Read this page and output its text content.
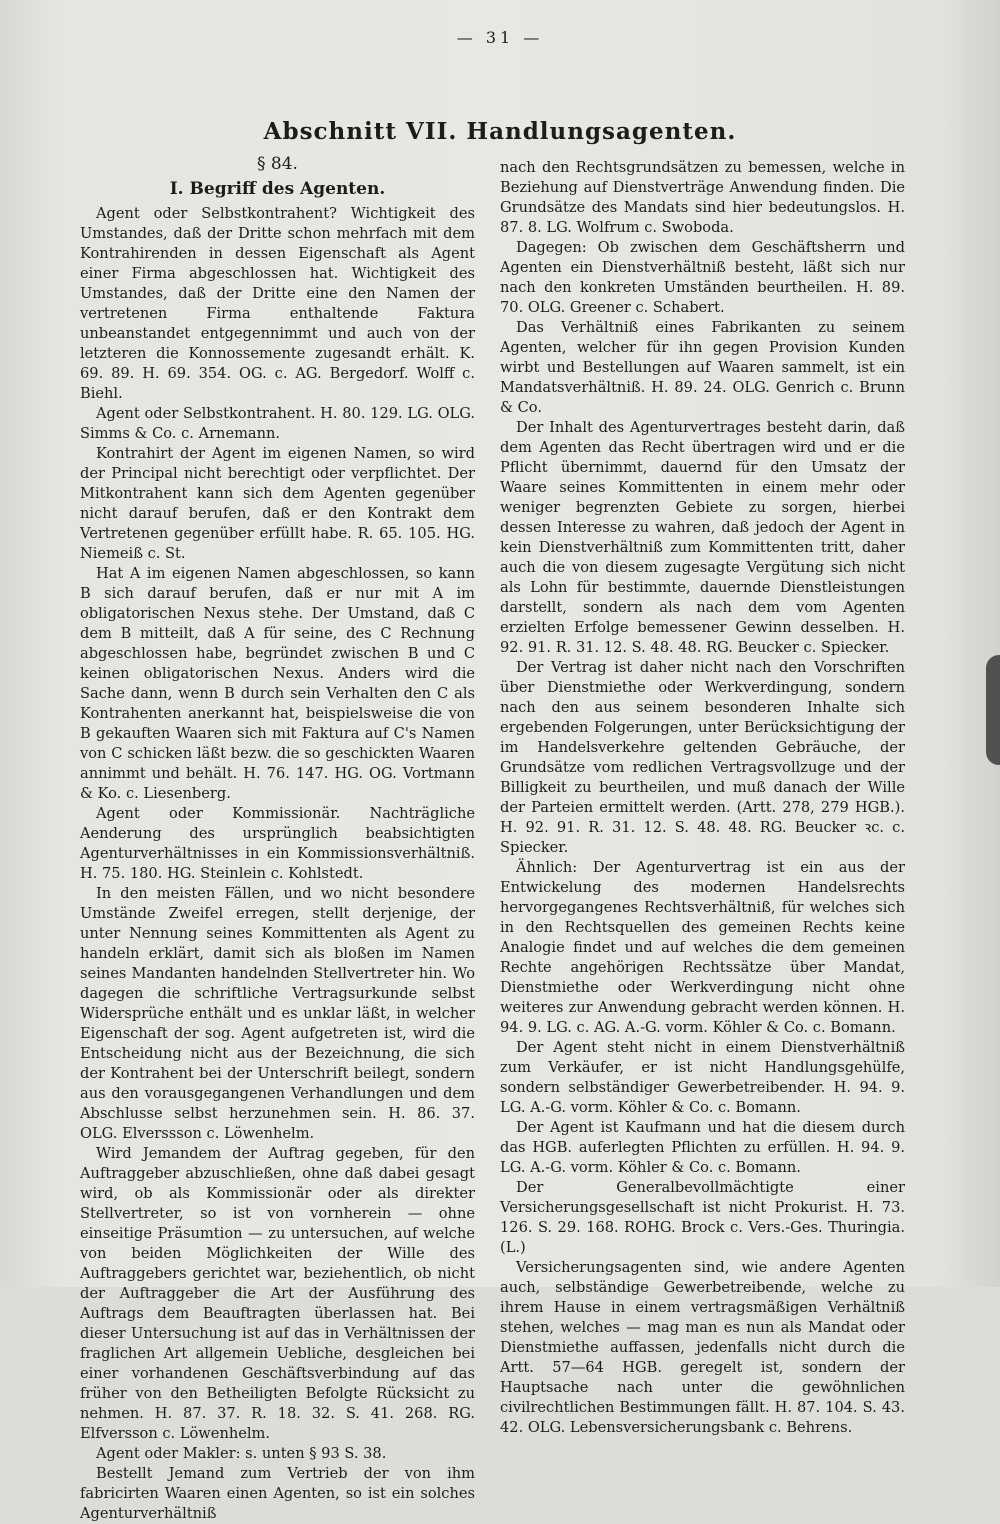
— 31 —
Abschnitt VII. Handlungsagenten.
§ 84.
I. Begriff des Agenten.

Agent oder Selbstkontrahent? Wichtigkeit des Umstandes, daß der Dritte schon mehrfach mit dem Kontrahirenden in dessen Eigenschaft als Agent einer Firma abgeschlossen hat. Wichtigkeit des Umstandes, daß der Dritte eine den Namen der vertretenen Firma enthaltende Faktura unbeanstandet entgegennimmt und auch von der letzteren die Konnossemente zugesandt erhält. K. 69. 89. H. 69. 354. OG. c. AG. Bergedorf. Wolff c. Biehl.

Agent oder Selbstkontrahent. H. 80. 129. LG. OLG. Simms & Co. c. Arnemann.

Kontrahirt der Agent im eigenen Namen, so wird der Principal nicht berechtigt oder verpflichtet. Der Mitkontrahent kann sich dem Agenten gegenüber nicht darauf berufen, daß er den Kontrakt dem Vertretenen gegenüber erfüllt habe. R. 65. 105. HG. Niemeiß c. St.

Hat A im eigenen Namen abgeschlossen, so kann B sich darauf berufen, daß er nur mit A im obligatorischen Nexus stehe. Der Umstand, daß C dem B mitteilt, daß A für seine, des C Rechnung abgeschlossen habe, begründet zwischen B und C keinen obligatorischen Nexus. Anders wird die Sache dann, wenn B durch sein Verhalten den C als Kontrahenten anerkannt hat, beispielsweise die von B gekauften Waaren sich mit Faktura auf C's Namen von C schicken läßt bezw. die so geschickten Waaren annimmt und behält. H. 76. 147. HG. OG. Vortmann & Ko. c. Liesenberg.

Agent oder Kommissionär. Nachträgliche Aenderung des ursprünglich beabsichtigten Agenturverhältnisses in ein Kommissionsverhältniß. H. 75. 180. HG. Steinlein c. Kohlstedt.

In den meisten Fällen, und wo nicht besondere Umstände Zweifel erregen, stellt derjenige, der unter Nennung seines Kommittenten als Agent zu handeln erklärt, damit sich als bloßen im Namen seines Mandanten handelnden Stellvertreter hin. Wo dagegen die schriftliche Vertragsurkunde selbst Widersprüche enthält und es unklar läßt, in welcher Eigenschaft der sog. Agent aufgetreten ist, wird die Entscheidung nicht aus der Bezeichnung, die sich der Kontrahent bei der Unterschrift beilegt, sondern aus den vorausgegangenen Verhandlungen und dem Abschlusse selbst herzunehmen sein. H. 86. 37. OLG. Elverssson c. Löwenhelm.

Wird Jemandem der Auftrag gegeben, für den Auftraggeber abzuschließen, ohne daß dabei gesagt wird, ob als Kommissionär oder als direkter Stellvertreter, so ist von vornherein — ohne einseitige Präsumtion — zu untersuchen, auf welche von beiden Möglichkeiten der Wille des Auftraggebers gerichtet war, beziehentlich, ob nicht der Auftraggeber die Art der Ausführung des Auftrags dem Beauftragten überlassen hat. Bei dieser Untersuchung ist auf das in Verhältnissen der fraglichen Art allgemein Uebliche, desgleichen bei einer vorhandenen Geschäftsverbindung auf das früher von den Betheiligten Befolgte Rücksicht zu nehmen. H. 87. 37. R. 18. 32. S. 41. 268. RG. Elfversson c. Löwenhelm.

Agent oder Makler: s. unten § 93 S. 38.

Bestellt Jemand zum Vertrieb der von ihm fabricirten Waaren einen Agenten, so ist ein solches Agenturverhältniß

nach den Rechtsgrundsätzen zu bemessen, welche in Beziehung auf Dienstverträge Anwendung finden. Die Grundsätze des Mandats sind hier bedeutungslos. H. 87. 8. LG. Wolfrum c. Swoboda.

Dagegen: Ob zwischen dem Geschäftsherrn und Agenten ein Dienstverhältniß besteht, läßt sich nur nach den konkreten Umständen beurtheilen. H. 89. 70. OLG. Greener c. Schabert.

Das Verhältniß eines Fabrikanten zu seinem Agenten, welcher für ihn gegen Provision Kunden wirbt und Bestellungen auf Waaren sammelt, ist ein Mandatsverhältniß. H. 89. 24. OLG. Genrich c. Brunn & Co.

Der Inhalt des Agenturvertrages besteht darin, daß dem Agenten das Recht übertragen wird und er die Pflicht übernimmt, dauernd für den Umsatz der Waare seines Kommittenten in einem mehr oder weniger begrenzten Gebiete zu sorgen, hierbei dessen Interesse zu wahren, daß jedoch der Agent in kein Dienstverhältniß zum Kommittenten tritt, daher auch die von diesem zugesagte Vergütung sich nicht als Lohn für bestimmte, dauernde Dienstleistungen darstellt, sondern als nach dem vom Agenten erzielten Erfolge bemessener Gewinn desselben. H. 92. 91. R. 31. 12. S. 48. 48. RG. Beucker c. Spiecker.

Der Vertrag ist daher nicht nach den Vorschriften über Dienstmiethe oder Werkverdingung, sondern nach den aus seinem besonderen Inhalte sich ergebenden Folgerungen, unter Berücksichtigung der im Handelsverkehre geltenden Gebräuche, der Grundsätze vom redlichen Vertragsvollzuge und der Billigkeit zu beurtheilen, und muß danach der Wille der Parteien ermittelt werden. (Artt. 278, 279 HGB.). H. 92. 91. R. 31. 12. S. 48. 48. RG. Beucker ꝛc. c. Spiecker.

Ähnlich: Der Agenturvertrag ist ein aus der Entwickelung des modernen Handelsrechts hervorgegangenes Rechtsverhältniß, für welches sich in den Rechtsquellen des gemeinen Rechts keine Analogie findet und auf welches die dem gemeinen Rechte angehörigen Rechtssätze über Mandat, Dienstmiethe oder Werkverdingung nicht ohne weiteres zur Anwendung gebracht werden können. H. 94. 9. LG. c. AG. A.-G. vorm. Köhler & Co. c. Bomann.

Der Agent steht nicht in einem Dienstverhältniß zum Verkäufer, er ist nicht Handlungsgehülfe, sondern selbständiger Gewerbetreibender. H. 94. 9. LG. A.-G. vorm. Köhler & Co. c. Bomann.

Der Agent ist Kaufmann und hat die diesem durch das HGB. auferlegten Pflichten zu erfüllen. H. 94. 9. LG. A.-G. vorm. Köhler & Co. c. Bomann.

Der Generalbevollmächtigte einer Versicherungsgesellschaft ist nicht Prokurist. H. 73. 126. S. 29. 168. ROHG. Brock c. Vers.-Ges. Thuringia. (L.)

Versicherungsagenten sind, wie andere Agenten auch, selbständige Gewerbetreibende, welche zu ihrem Hause in einem vertragsmäßigen Verhältniß stehen, welches — mag man es nun als Mandat oder Dienstmiethe auffassen, jedenfalls nicht durch die Artt. 57—64 HGB. geregelt ist, sondern der Hauptsache nach unter die gewöhnlichen civilrechtlichen Bestimmungen fällt. H. 87. 104. S. 43. 42. OLG. Lebensversicherungsbank c. Behrens.
